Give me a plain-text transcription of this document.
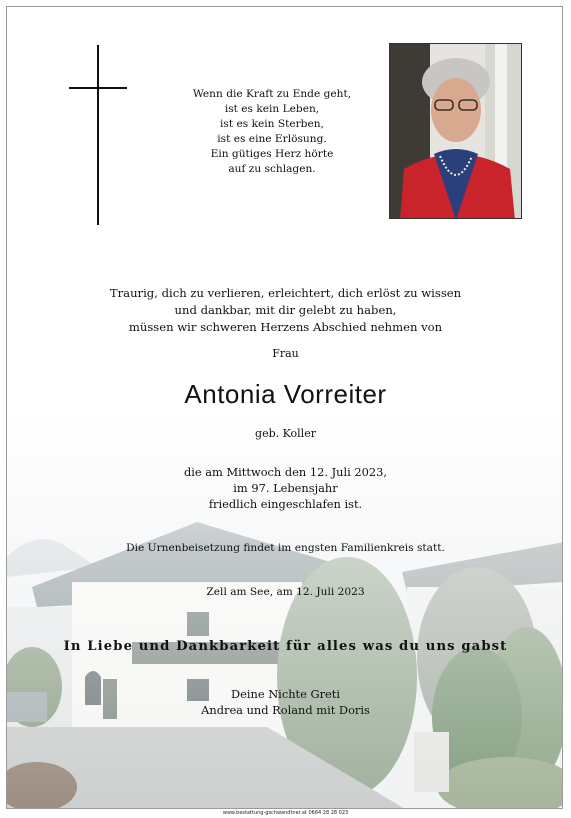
Wenn die Kraft zu Ende geht,
ist es kein Leben,
ist es kein Sterben,
ist es eine Erlösung.
Ein gütiges Herz hörte
auf zu schlagen.
Traurig, dich zu verlieren, erleichtert, dich erlöst zu wissen
und dankbar, mit dir gelebt zu haben,
müssen wir schweren Herzens Abschied nehmen von
Frau
Antonia Vorreiter
geb. Koller
die am Mittwoch den 12. Juli 2023,
im 97. Lebensjahr
friedlich eingeschlafen ist.
Die Urnenbeisetzung findet im engsten Familienkreis statt.
Zell am See, am 12. Juli 2023
In Liebe und Dankbarkeit für alles was du uns gabst
Deine Nichte Greti
Andrea und Roland mit Doris
www.bestattung-gschwandtner.at 0664 28 28 023
